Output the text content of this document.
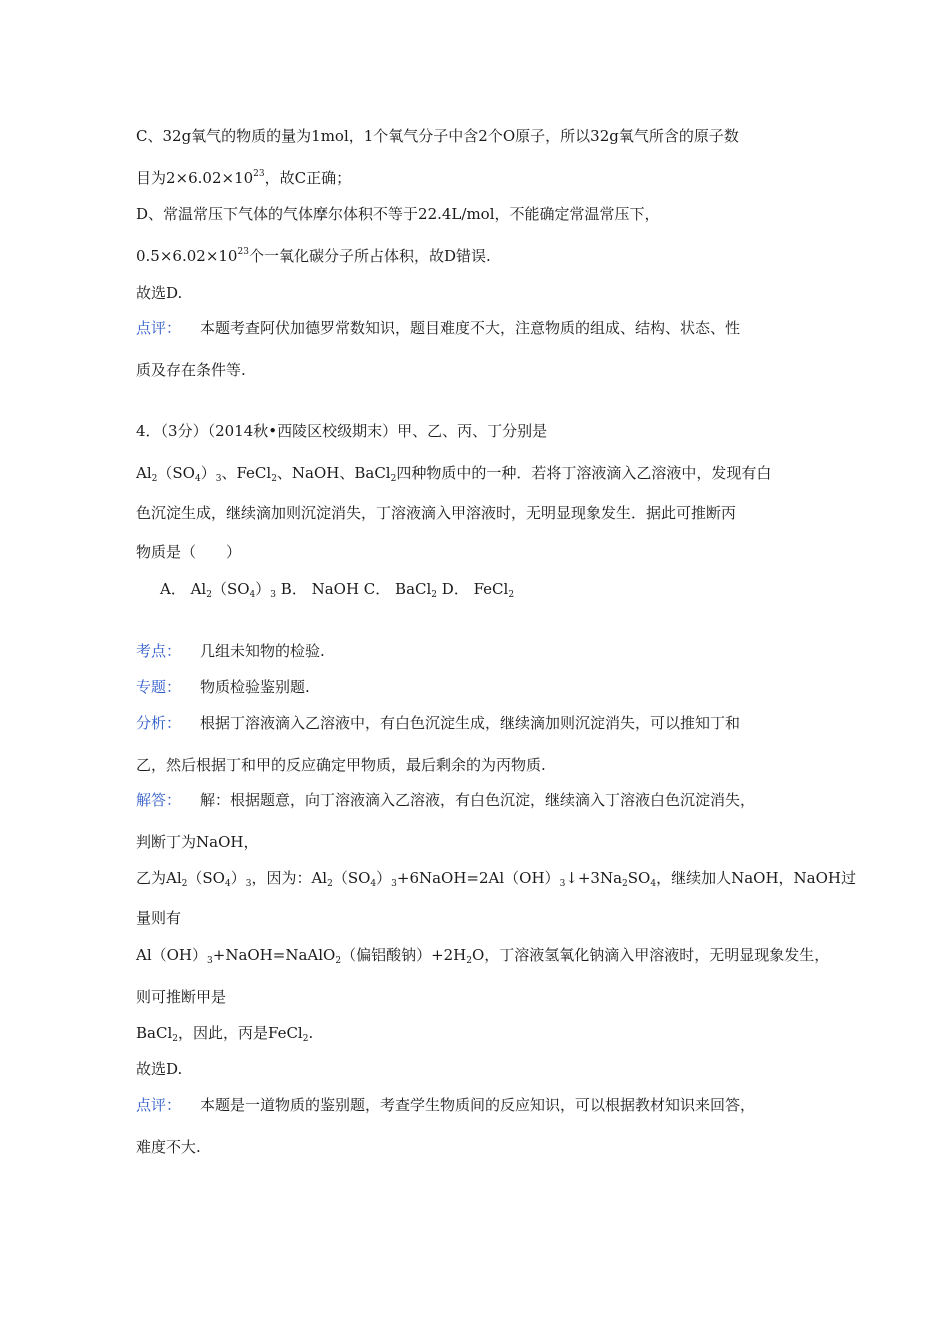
C、32g氧气的物质的量为1mol，1个氧气分子中含2个O原子，所以32g氧气所含的原子数
目为$2\times 6.02\times 10^{23}$，故C正确；
D、常温常压下气体的气体摩尔体积不等于22.4L/mol，不能确定常温常压下，
$0.5\times 6.02\times 10^{23}$个一氧化碳分子所占体积，故D错误.
故选D.
点评： 本题考查阿伏加德罗常数知识，题目难度不大，注意物质的组成、结构、状态、性
质及存在条件等.
4．（3分）（2014秋•西陵区校级期末）甲、乙、丙、丁分别是
$Al_2(SO_4)_3$、FeCl$_2$、NaOH、BaCl$_2$四种物质中的一种．若将丁溶液滴入乙溶液中，发现有白
色沉淀生成，继续滴加则沉淀消失，丁溶液滴入甲溶液时，无明显现象发生．据此可推断丙
物质是（　　）
A． $Al_2(SO_4)_3$ B． NaOH C． BaCl$_2$ D． FeCl$_2$
考点： 几组未知物的检验.
专题： 物质检验鉴别题.
分析： 根据丁溶液滴入乙溶液中，有白色沉淀生成，继续滴加则沉淀消失，可以推知丁和
乙，然后根据丁和甲的反应确定甲物质，最后剩余的为丙物质.
解答： 解：根据题意，向丁溶液滴入乙溶液，有白色沉淀，继续滴入丁溶液白色沉淀消失，
判断丁为NaOH，
乙为$Al_2(SO_4)_3$，因为：$Al_2(SO_4)_3+6NaOH=2Al(OH)_3↓+3Na_2SO_4$，继续加人NaOH，NaOH过
量则有
$Al(OH)_3+NaOH=NaAlO_2$（偏铝酸钠）$+2H_2O$，丁溶液氢氧化钠滴入甲溶液时，无明显现象发生，
则可推断甲是
BaCl$_2$，因此，丙是FeCl$_2$.
故选D.
点评： 本题是一道物质的鉴别题，考查学生物质间的反应知识，可以根据教材知识来回答，
难度不大.
